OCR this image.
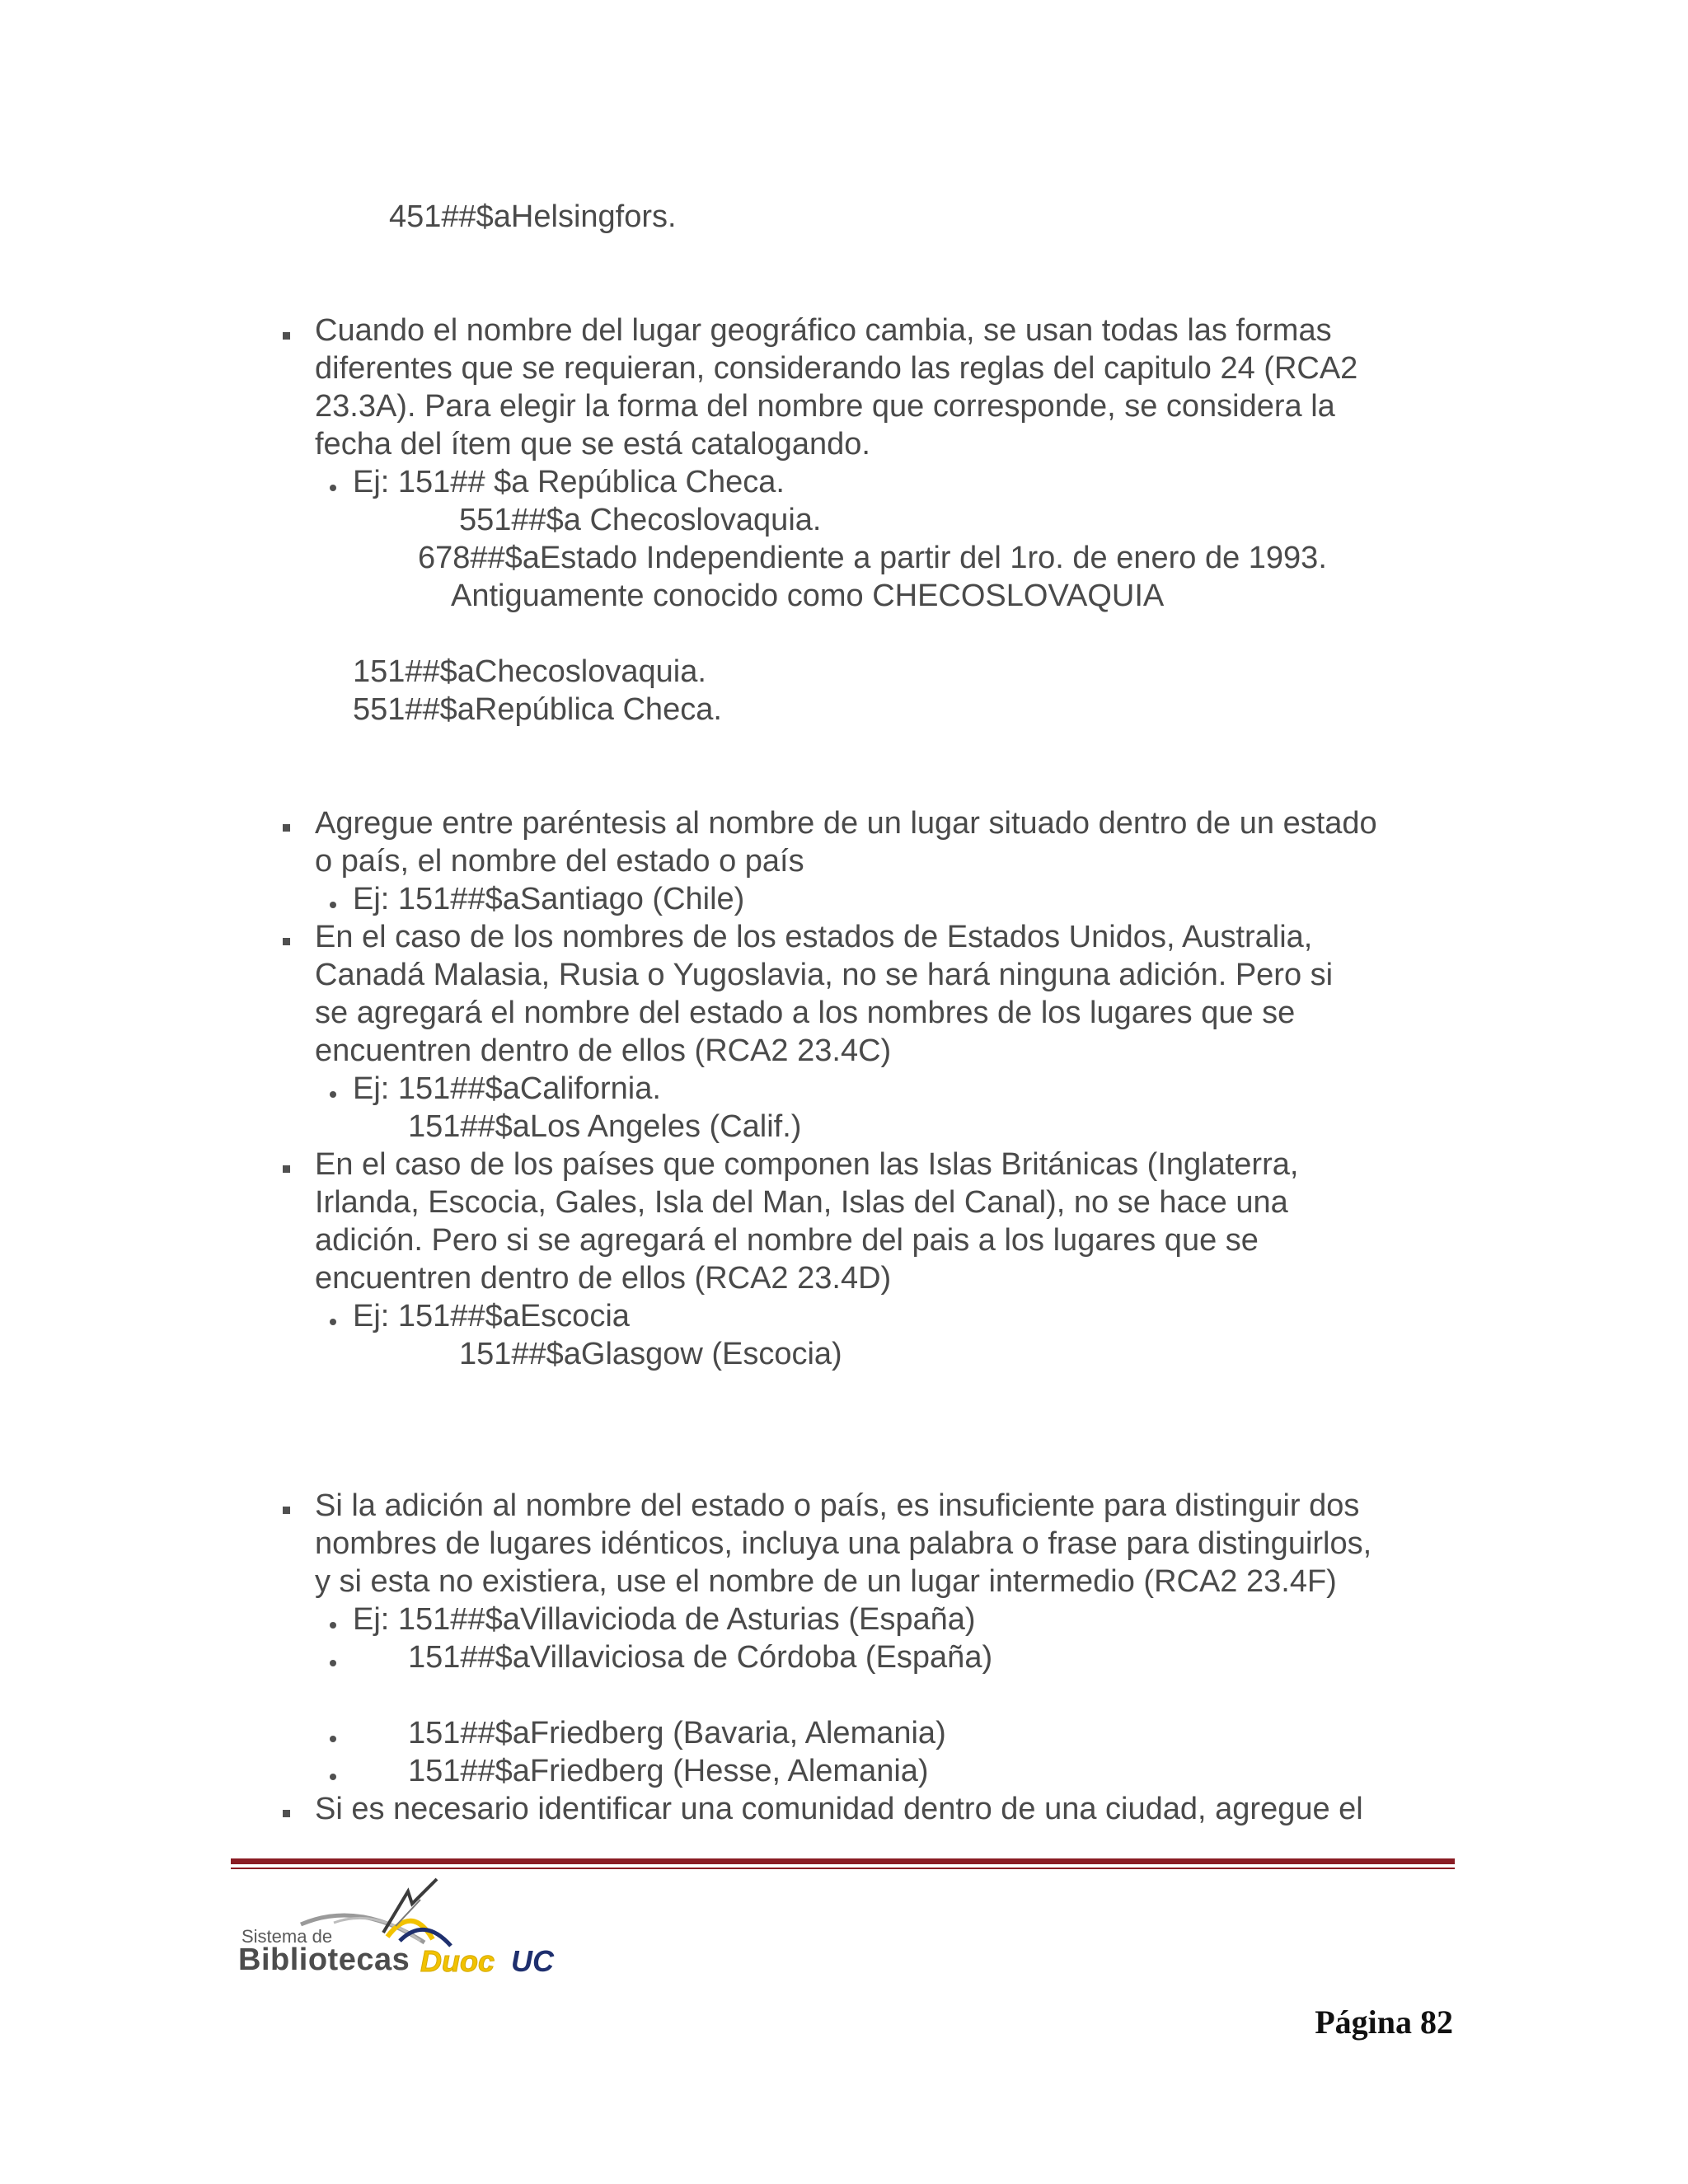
451##$aHelsingfors.
Cuando el nombre del lugar geográfico cambia, se usan todas las formas
diferentes que se requieran, considerando las reglas del capitulo 24 (RCA2
23.3A). Para elegir la forma del nombre que corresponde, se considera la
fecha del ítem que se está catalogando.
Ej: 151## $a República Checa.
551##$a Checoslovaquia.
678##$aEstado Independiente a partir del 1ro. de enero de 1993.
Antiguamente conocido como CHECOSLOVAQUIA
151##$aChecoslovaquia.
551##$aRepública Checa.
Agregue entre paréntesis al nombre de un lugar situado dentro de un estado
o país, el nombre del estado o país
Ej: 151##$aSantiago (Chile)
En el caso de los nombres de los estados de Estados Unidos, Australia,
Canadá Malasia, Rusia o Yugoslavia, no se hará ninguna adición. Pero si
se agregará el nombre del estado a los nombres de los lugares que se
encuentren dentro de ellos (RCA2 23.4C)
Ej: 151##$aCalifornia.
151##$aLos Angeles (Calif.)
En el caso de los países que componen las Islas Británicas (Inglaterra,
Irlanda, Escocia, Gales, Isla del Man, Islas del Canal), no se hace una
adición. Pero si se agregará el nombre del pais a los lugares que se
encuentren dentro de ellos (RCA2 23.4D)
Ej: 151##$aEscocia
151##$aGlasgow (Escocia)
Si la adición al nombre del estado o país, es insuficiente para distinguir dos
nombres de lugares idénticos, incluya una palabra o frase para distinguirlos,
y si esta no existiera, use el nombre de un lugar intermedio (RCA2 23.4F)
Ej: 151##$aVillavicioda de Asturias (España)
151##$aVillaviciosa de Córdoba (España)
151##$aFriedberg (Bavaria, Alemania)
151##$aFriedberg (Hesse, Alemania)
Si es necesario identificar una comunidad dentro de una ciudad, agregue el
Sistema de
Bibliotecas Duoc UC
Página 82
